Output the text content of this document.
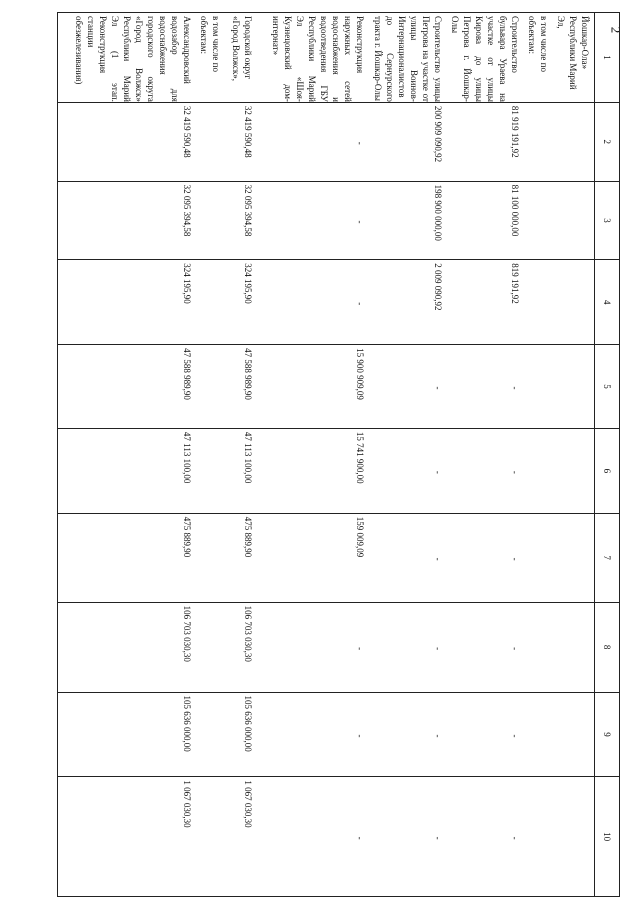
2
1	2	3	4	5	6	7	8	9	10
Йошкар-Ола» Республики Марий Эл,									
в том числе по объектам:									
Строительство бульвара Ураева на участке от улицы Кирова до улицы Петрова г. Йошкар-Олы	81 919 191,92	81 100 000,00	819 191,92	-	-	-	-	-	-
Строительство улицы Петрова на участке от улицы Воинов-Интернационалистов до Сернурского тракта г. Йошкар-Олы	200 909 090,92	198 900 000,00	2 009 090,92	-	-	-	-	-	-
Реконструкция наружных сетей водоснабжения и водоотведения ГБУ Республики Марий Эл «Шоя-Кузнецовский дом-интернат»	-	-	-	15 900 909,09	15 741 900,00	159 009,09	-	-	-
Городской округ «Город Волжск»,	32 419 590,48	32 095 394,58	324 195,90	47 588 989,90	47 113 100,00	475 889,90	106 703 030,30	105 636 000,00	1 067 030,30
в том числе по объектам:									
Александровский водозабор для водоснабжения городского округа «Город Волжск» Республики Марий Эл (1 этап. Реконструкция станции обезжелезивания)	32 419 590,48	32 095 394,58	324 195,90	47 588 989,90	47 113 100,00	475 889,90	106 703 030,30	105 636 000,00	1 067 030,30
